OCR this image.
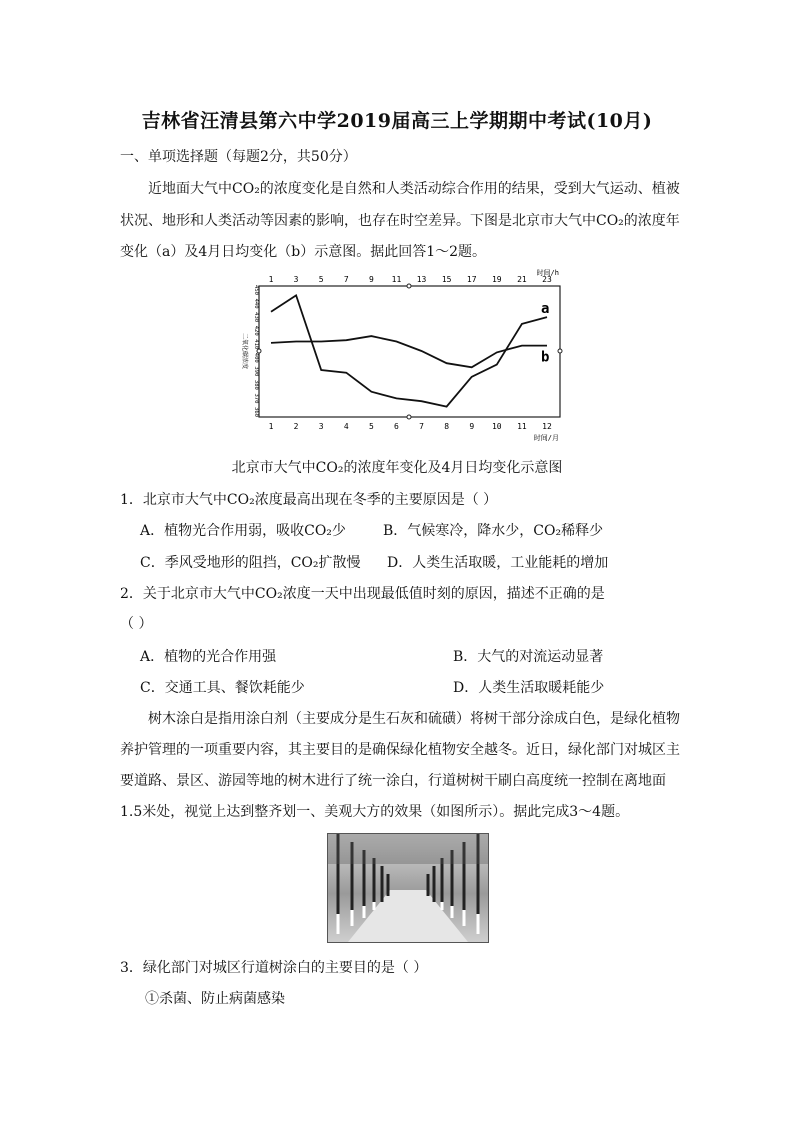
吉林省汪清县第六中学2019届高三上学期期中考试(10月)
一、单项选择题（每题2分，共50分）
近地面大气中CO₂的浓度变化是自然和人类活动综合作用的结果，受到大气运动、植被
状况、地形和人类活动等因素的影响，也存在时空差异。下图是北京市大气中CO₂的浓度年
变化（a）及4月日均变化（b）示意图。据此回答1～2题。
时间/h
时间/月
二氧化碳浓度
1	3	5	7	9 11 13 15 17 19 21 23
1	2	3	4	5	6	7	8	9 10 11 12
360
370
380
390
400
410
420
430
440
450
a
b
北京市大气中CO₂的浓度年变化及4月日均变化示意图
1．北京市大气中CO₂浓度最高出现在冬季的主要原因是（ ）
A．植物光合作用弱，吸收CO₂少	B．气候寒冷，降水少，CO₂稀释少
C．季风受地形的阻挡，CO₂扩散慢 D．人类生活取暖，工业能耗的增加
2．关于北京市大气中CO₂浓度一天中出现最低值时刻的原因，描述不正确的是
（ ）
A．植物的光合作用强	B．大气的对流运动显著
C．交通工具、餐饮耗能少	D．人类生活取暖耗能少
树木涂白是指用涂白剂（主要成分是生石灰和硫磺）将树干部分涂成白色，是绿化植物
养护管理的一项重要内容，其主要目的是确保绿化植物安全越冬。近日，绿化部门对城区主
要道路、景区、游园等地的树木进行了统一涂白，行道树树干刷白高度统一控制在离地面
1.5米处，视觉上达到整齐划一、美观大方的效果（如图所示）。据此完成3～4题。
3．绿化部门对城区行道树涂白的主要目的是（ ）
①杀菌、防止病菌感染
